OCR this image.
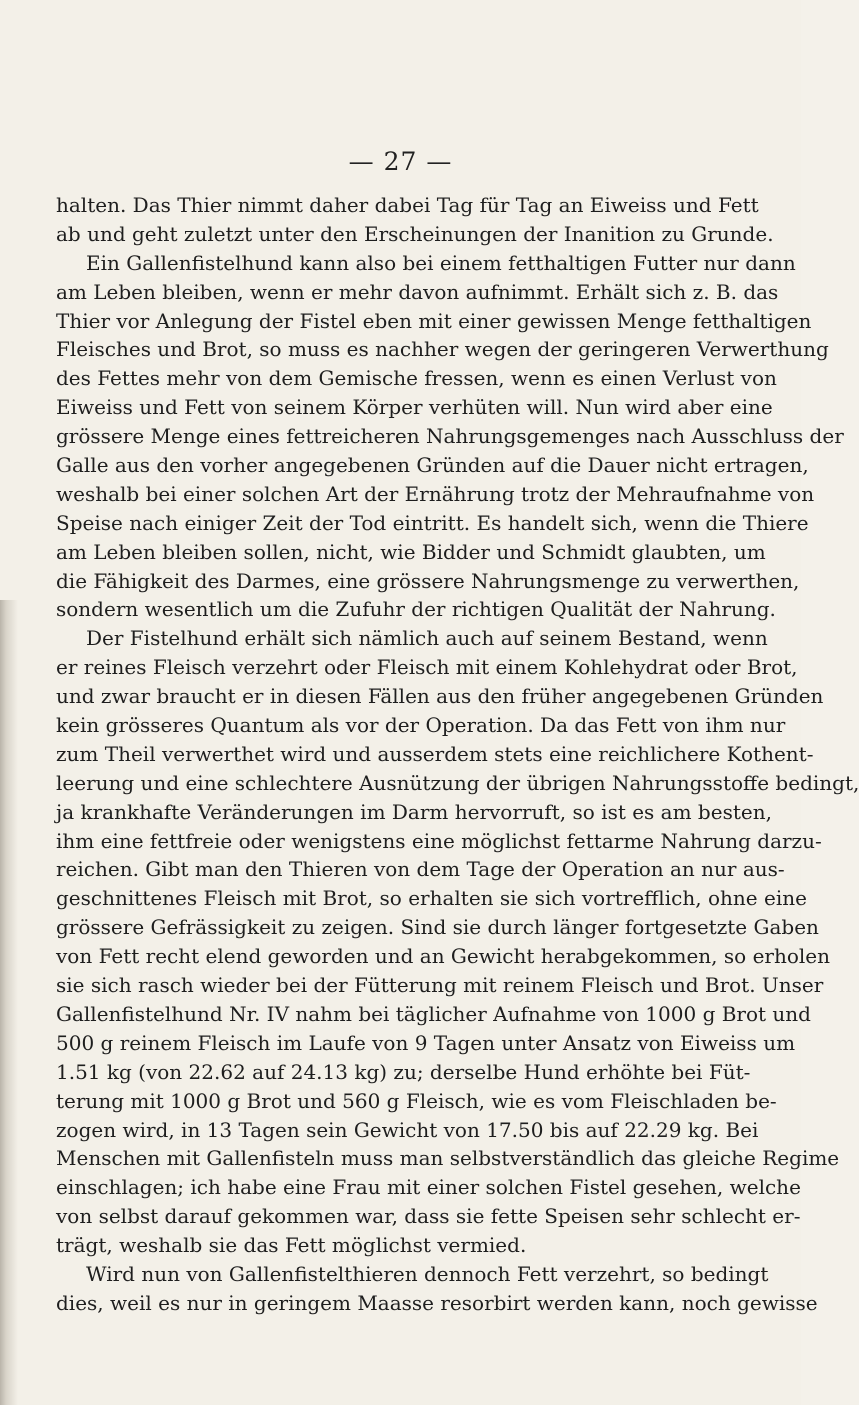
— 27 —
halten. Das Thier nimmt daher dabei Tag für Tag an Eiweiss und Fett
ab und geht zuletzt unter den Erscheinungen der Inanition zu Grunde.
Ein Gallenfistelhund kann also bei einem fetthaltigen Futter nur dann
am Leben bleiben, wenn er mehr davon aufnimmt. Erhält sich z. B. das
Thier vor Anlegung der Fistel eben mit einer gewissen Menge fetthaltigen
Fleisches und Brot, so muss es nachher wegen der geringeren Verwerthung
des Fettes mehr von dem Gemische fressen, wenn es einen Verlust von
Eiweiss und Fett von seinem Körper verhüten will. Nun wird aber eine
grössere Menge eines fettreicheren Nahrungsgemenges nach Ausschluss der
Galle aus den vorher angegebenen Gründen auf die Dauer nicht ertragen,
weshalb bei einer solchen Art der Ernährung trotz der Mehraufnahme von
Speise nach einiger Zeit der Tod eintritt. Es handelt sich, wenn die Thiere
am Leben bleiben sollen, nicht, wie Bidder und Schmidt glaubten, um
die Fähigkeit des Darmes, eine grössere Nahrungsmenge zu verwerthen,
sondern wesentlich um die Zufuhr der richtigen Qualität der Nahrung.
Der Fistelhund erhält sich nämlich auch auf seinem Bestand, wenn
er reines Fleisch verzehrt oder Fleisch mit einem Kohlehydrat oder Brot,
und zwar braucht er in diesen Fällen aus den früher angegebenen Gründen
kein grösseres Quantum als vor der Operation. Da das Fett von ihm nur
zum Theil verwerthet wird und ausserdem stets eine reichlichere Kothent-
leerung und eine schlechtere Ausnützung der übrigen Nahrungsstoffe bedingt,
ja krankhafte Veränderungen im Darm hervorruft, so ist es am besten,
ihm eine fettfreie oder wenigstens eine möglichst fettarme Nahrung darzu-
reichen. Gibt man den Thieren von dem Tage der Operation an nur aus-
geschnittenes Fleisch mit Brot, so erhalten sie sich vortrefflich, ohne eine
grössere Gefrässigkeit zu zeigen. Sind sie durch länger fortgesetzte Gaben
von Fett recht elend geworden und an Gewicht herabgekommen, so erholen
sie sich rasch wieder bei der Fütterung mit reinem Fleisch und Brot. Unser
Gallenfistelhund Nr. IV nahm bei täglicher Aufnahme von 1000 g Brot und
500 g reinem Fleisch im Laufe von 9 Tagen unter Ansatz von Eiweiss um
1.51 kg (von 22.62 auf 24.13 kg) zu; derselbe Hund erhöhte bei Füt-
terung mit 1000 g Brot und 560 g Fleisch, wie es vom Fleischladen be-
zogen wird, in 13 Tagen sein Gewicht von 17.50 bis auf 22.29 kg. Bei
Menschen mit Gallenfisteln muss man selbstverständlich das gleiche Regime
einschlagen; ich habe eine Frau mit einer solchen Fistel gesehen, welche
von selbst darauf gekommen war, dass sie fette Speisen sehr schlecht er-
trägt, weshalb sie das Fett möglichst vermied.
Wird nun von Gallenfistelthieren dennoch Fett verzehrt, so bedingt
dies, weil es nur in geringem Maasse resorbirt werden kann, noch gewisse
